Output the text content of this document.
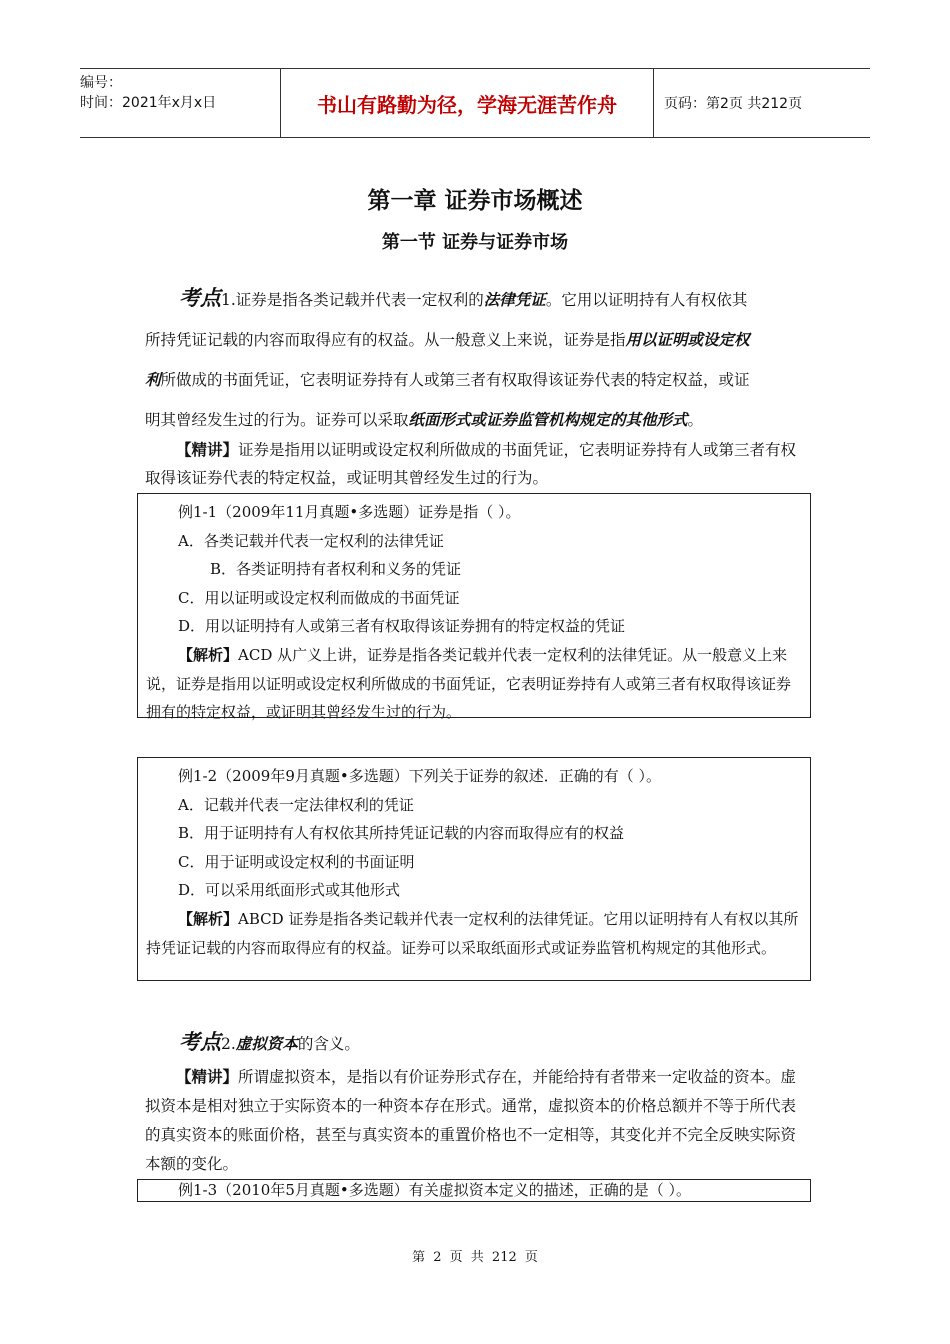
编号：
时间：2021年x月x日	书山有路勤为径，学海无涯苦作舟	页码：第2页 共212页
第一章 证券市场概述
第一节 证券与证券市场
考点1.证券是指各类记载并代表一定权利的法律凭证。它用以证明持有人有权依其
所持凭证记载的内容而取得应有的权益。从一般意义上来说，证券是指用以证明或设定权
利所做成的书面凭证，它表明证券持有人或第三者有权取得该证券代表的特定权益，或证
明其曾经发生过的行为。证券可以采取纸面形式或证券监管机构规定的其他形式。
【精讲】证券是指用以证明或设定权利所做成的书面凭证，它表明证券持有人或第三者有权取得该证券代表的特定权益，或证明其曾经发生过的行为。
例1-1（2009年11月真题•多选题）证券是指（ ）。
A．各类记载并代表一定权利的法律凭证
B．各类证明持有者权利和义务的凭证
C．用以证明或设定权利而做成的书面凭证
D．用以证明持有人或第三者有权取得该证券拥有的特定权益的凭证
【解析】ACD 从广义上讲，证券是指各类记载并代表一定权利的法律凭证。从一般意义上来说，证券是指用以证明或设定权利所做成的书面凭证，它表明证券持有人或第三者有权取得该证券拥有的特定权益，或证明其曾经发生过的行为。
例1-2（2009年9月真题•多选题）下列关于证券的叙述．正确的有（ ）。
A．记载并代表一定法律权利的凭证
B．用于证明持有人有权依其所持凭证记载的内容而取得应有的权益
C．用于证明或设定权利的书面证明
D．可以采用纸面形式或其他形式
【解析】ABCD 证券是指各类记载并代表一定权利的法律凭证。它用以证明持有人有权以其所持凭证记载的内容而取得应有的权益。证券可以采取纸面形式或证券监管机构规定的其他形式。
考点2.虚拟资本的含义。
【精讲】所谓虚拟资本，是指以有价证券形式存在，并能给持有者带来一定收益的资本。虚拟资本是相对独立于实际资本的一种资本存在形式。通常，虚拟资本的价格总额并不等于所代表的真实资本的账面价格，甚至与真实资本的重置价格也不一定相等，其变化并不完全反映实际资本额的变化。
例1-3（2010年5月真题•多选题）有关虚拟资本定义的描述，正确的是（ ）。
第 2 页 共 212 页
